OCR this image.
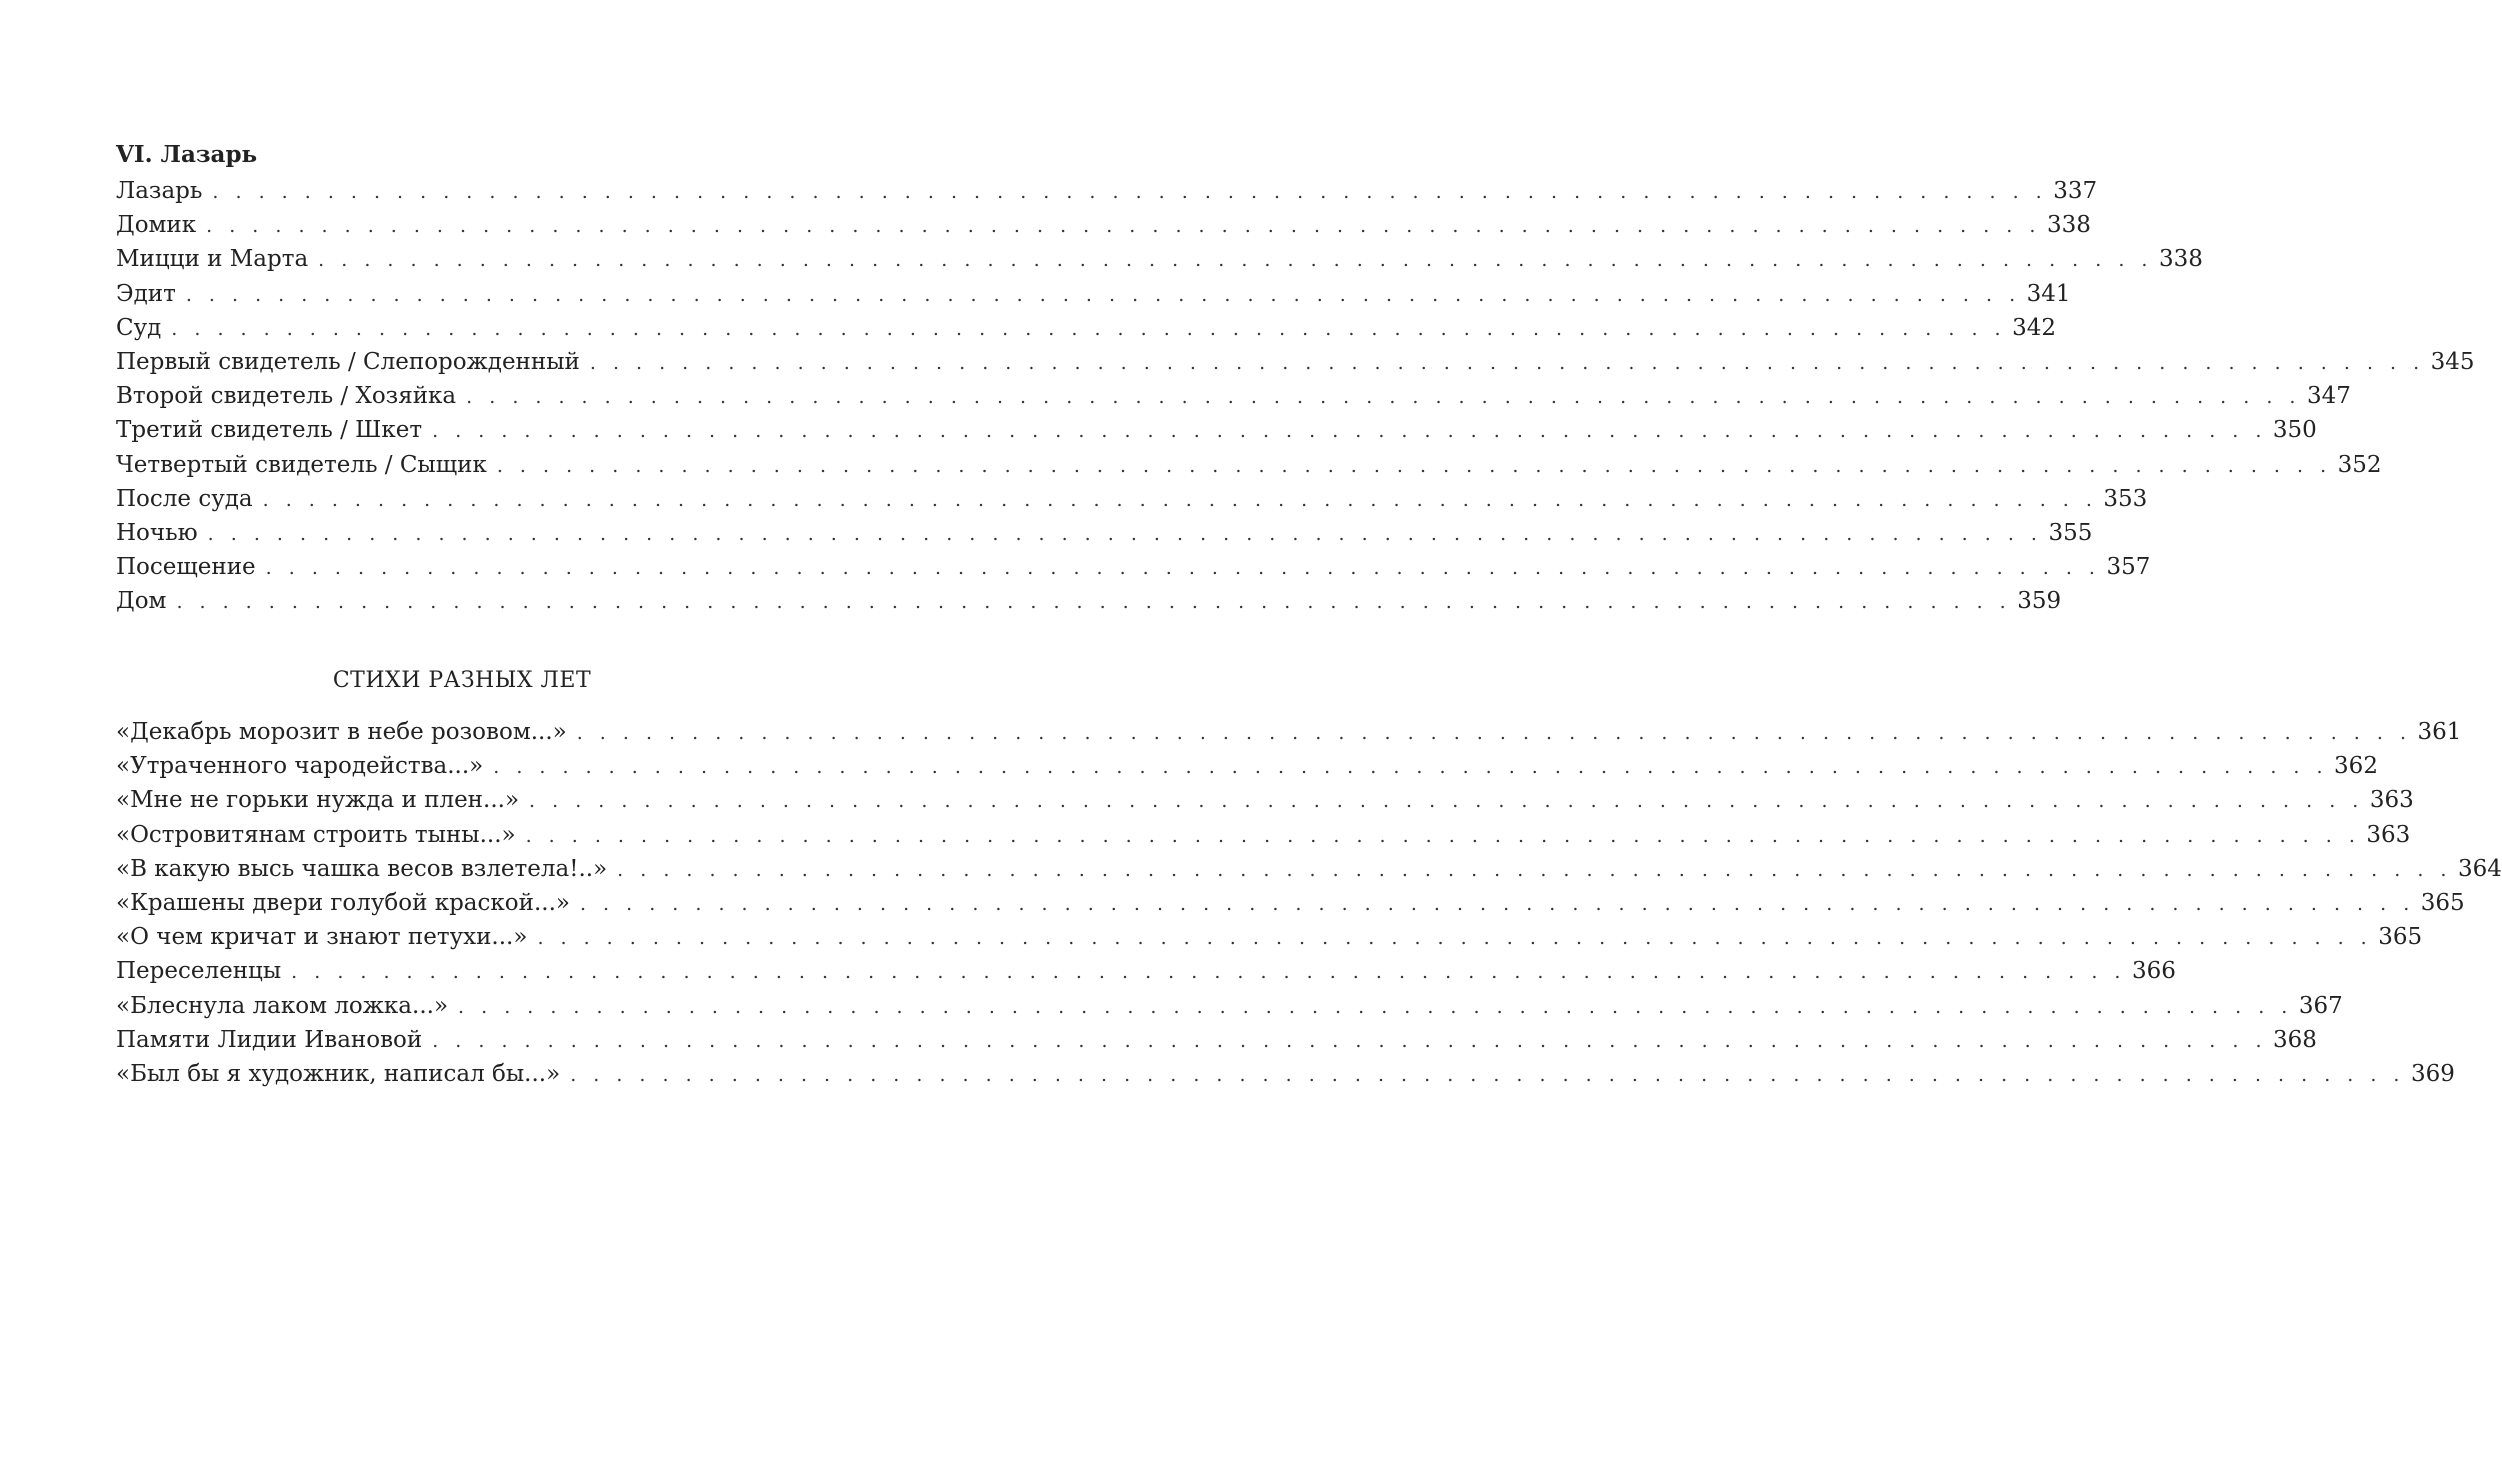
VI. Лазарь
Лазарь . . . . . . . . . . . . . . . . . . . . . . . . . . . . . . . . . . . . . . . . . . . . . . . . . . . . . . . . . . . . . . . . . . . . . . . . . . . . . . . . 337
Домик . . . . . . . . . . . . . . . . . . . . . . . . . . . . . . . . . . . . . . . . . . . . . . . . . . . . . . . . . . . . . . . . . . . . . . . . . . . . . . . . 338
Мицци и Марта . . . . . . . . . . . . . . . . . . . . . . . . . . . . . . . . . . . . . . . . . . . . . . . . . . . . . . . . . . . . . . . . . . . . . . . . . . . . . . . . 338
Эдит . . . . . . . . . . . . . . . . . . . . . . . . . . . . . . . . . . . . . . . . . . . . . . . . . . . . . . . . . . . . . . . . . . . . . . . . . . . . . . . . 341
Суд . . . . . . . . . . . . . . . . . . . . . . . . . . . . . . . . . . . . . . . . . . . . . . . . . . . . . . . . . . . . . . . . . . . . . . . . . . . . . . . . 342
Первый свидетель / Слепорожденный . . . . . . . . . . . . . . . . . . . . . . . . . . . . . . . . . . . . . . . . . . . . . . . . . . . . . . . . . . . . . . . . . . . . . . . . . . . . . . . . 345
Второй свидетель / Хозяйка . . . . . . . . . . . . . . . . . . . . . . . . . . . . . . . . . . . . . . . . . . . . . . . . . . . . . . . . . . . . . . . . . . . . . . . . . . . . . . . . 347
Третий свидетель / Шкет . . . . . . . . . . . . . . . . . . . . . . . . . . . . . . . . . . . . . . . . . . . . . . . . . . . . . . . . . . . . . . . . . . . . . . . . . . . . . . . . 350
Четвертый свидетель / Сыщик . . . . . . . . . . . . . . . . . . . . . . . . . . . . . . . . . . . . . . . . . . . . . . . . . . . . . . . . . . . . . . . . . . . . . . . . . . . . . . . . 352
После суда . . . . . . . . . . . . . . . . . . . . . . . . . . . . . . . . . . . . . . . . . . . . . . . . . . . . . . . . . . . . . . . . . . . . . . . . . . . . . . . . 353
Ночью . . . . . . . . . . . . . . . . . . . . . . . . . . . . . . . . . . . . . . . . . . . . . . . . . . . . . . . . . . . . . . . . . . . . . . . . . . . . . . . . 355
Посещение . . . . . . . . . . . . . . . . . . . . . . . . . . . . . . . . . . . . . . . . . . . . . . . . . . . . . . . . . . . . . . . . . . . . . . . . . . . . . . . . 357
Дом . . . . . . . . . . . . . . . . . . . . . . . . . . . . . . . . . . . . . . . . . . . . . . . . . . . . . . . . . . . . . . . . . . . . . . . . . . . . . . . . 359
СТИХИ РАЗНЫХ ЛЕТ
«Декабрь морозит в небе розовом...» . . . . . . . . . . . . . . . . . . . . . . . . . . . . . . . . . . . . . . . . . . . . . . . . . . . . . . . . . . . . . . . . . . . . . . . . . . . . . . . . 361
«Утраченного чародейства...» . . . . . . . . . . . . . . . . . . . . . . . . . . . . . . . . . . . . . . . . . . . . . . . . . . . . . . . . . . . . . . . . . . . . . . . . . . . . . . . . 362
«Мне не горьки нужда и плен...» . . . . . . . . . . . . . . . . . . . . . . . . . . . . . . . . . . . . . . . . . . . . . . . . . . . . . . . . . . . . . . . . . . . . . . . . . . . . . . . . 363
«Островитянам строить тыны...» . . . . . . . . . . . . . . . . . . . . . . . . . . . . . . . . . . . . . . . . . . . . . . . . . . . . . . . . . . . . . . . . . . . . . . . . . . . . . . . . 363
«В какую высь чашка весов взлетела!..» . . . . . . . . . . . . . . . . . . . . . . . . . . . . . . . . . . . . . . . . . . . . . . . . . . . . . . . . . . . . . . . . . . . . . . . . . . . . . . . . 364
«Крашены двери голубой краской...» . . . . . . . . . . . . . . . . . . . . . . . . . . . . . . . . . . . . . . . . . . . . . . . . . . . . . . . . . . . . . . . . . . . . . . . . . . . . . . . . 365
«О чем кричат и знают петухи...» . . . . . . . . . . . . . . . . . . . . . . . . . . . . . . . . . . . . . . . . . . . . . . . . . . . . . . . . . . . . . . . . . . . . . . . . . . . . . . . . 365
Переселенцы . . . . . . . . . . . . . . . . . . . . . . . . . . . . . . . . . . . . . . . . . . . . . . . . . . . . . . . . . . . . . . . . . . . . . . . . . . . . . . . . 366
«Блеснула лаком ложка...» . . . . . . . . . . . . . . . . . . . . . . . . . . . . . . . . . . . . . . . . . . . . . . . . . . . . . . . . . . . . . . . . . . . . . . . . . . . . . . . . 367
Памяти Лидии Ивановой . . . . . . . . . . . . . . . . . . . . . . . . . . . . . . . . . . . . . . . . . . . . . . . . . . . . . . . . . . . . . . . . . . . . . . . . . . . . . . . . 368
«Был бы я художник, написал бы...» . . . . . . . . . . . . . . . . . . . . . . . . . . . . . . . . . . . . . . . . . . . . . . . . . . . . . . . . . . . . . . . . . . . . . . . . . . . . . . . . 369
